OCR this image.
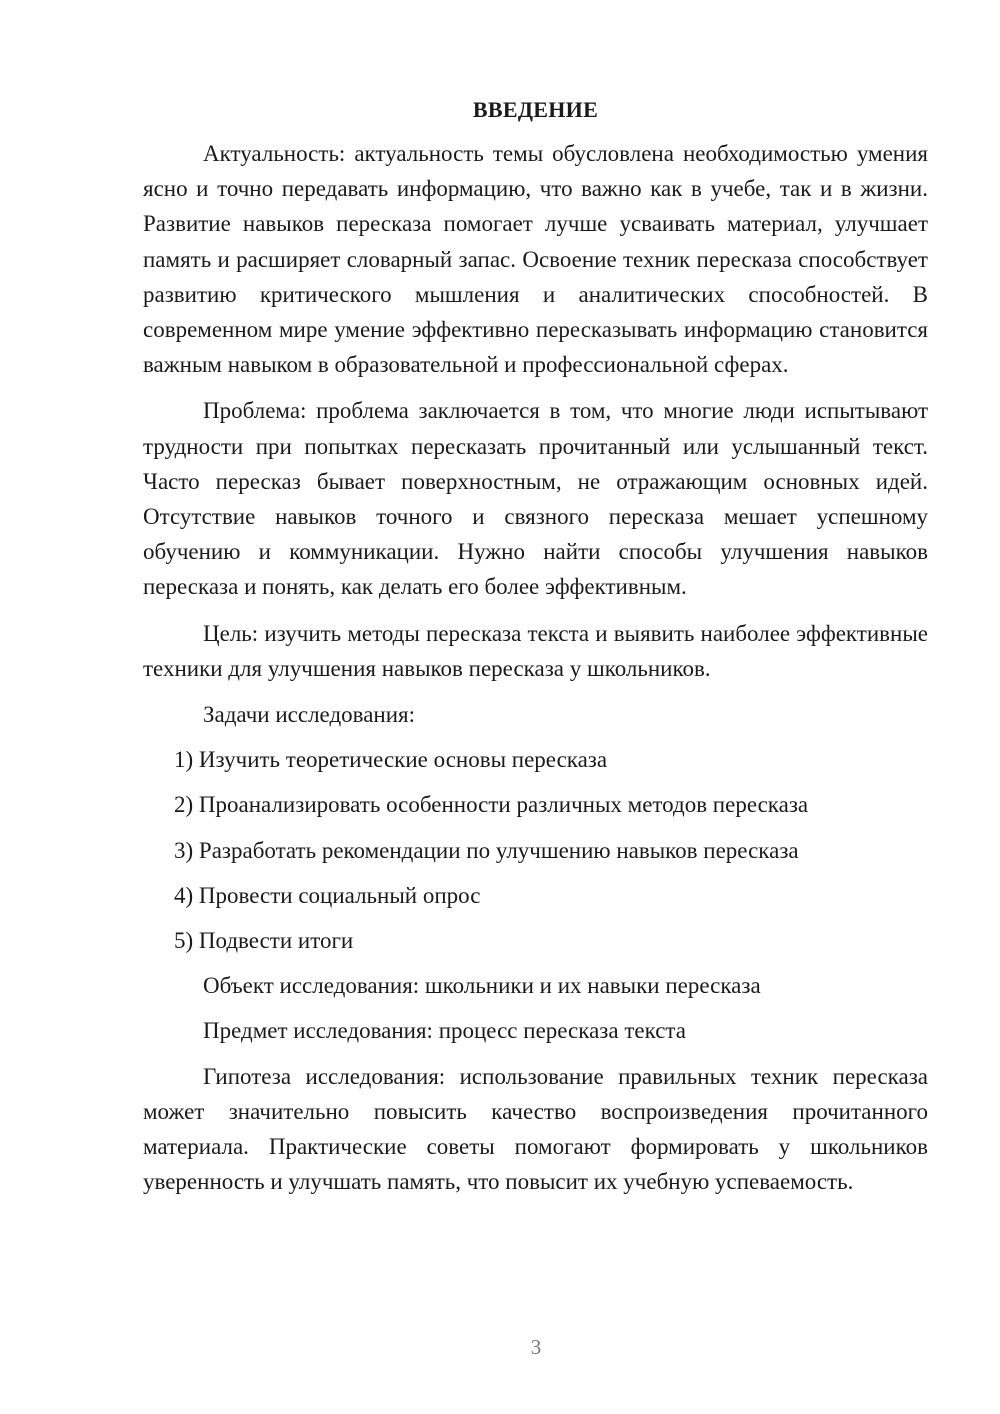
ВВЕДЕНИЕ

Актуальность: актуальность темы обусловлена необходимостью умения ясно и точно передавать информацию, что важно как в учебе, так и в жизни. Развитие навыков пересказа помогает лучше усваивать материал, улучшает память и расширяет словарный запас. Освоение техник пересказа способствует развитию критического мышления и аналитических способностей. В современном мире умение эффективно пересказывать информацию становится важным навыком в образовательной и профессиональной сферах.

Проблема: проблема заключается в том, что многие люди испытывают трудности при попытках пересказать прочитанный или услышанный текст. Часто пересказ бывает поверхностным, не отражающим основных идей. Отсутствие навыков точного и связного пересказа мешает успешному обучению и коммуникации. Нужно найти способы улучшения навыков пересказа и понять, как делать его более эффективным.

Цель: изучить методы пересказа текста и выявить наиболее эффективные техники для улучшения навыков пересказа у школьников.

Задачи исследования:

1) Изучить теоретические основы пересказа
2) Проанализировать особенности различных методов пересказа
3) Разработать рекомендации по улучшению навыков пересказа
4) Провести социальный опрос
5) Подвести итоги

Объект исследования: школьники и их навыки пересказа

Предмет исследования: процесс пересказа текста

Гипотеза исследования: использование правильных техник пересказа может значительно повысить качество воспроизведения прочитанного материала. Практические советы помогают формировать у школьников уверенность и улучшать память, что повысит их учебную успеваемость.

3
